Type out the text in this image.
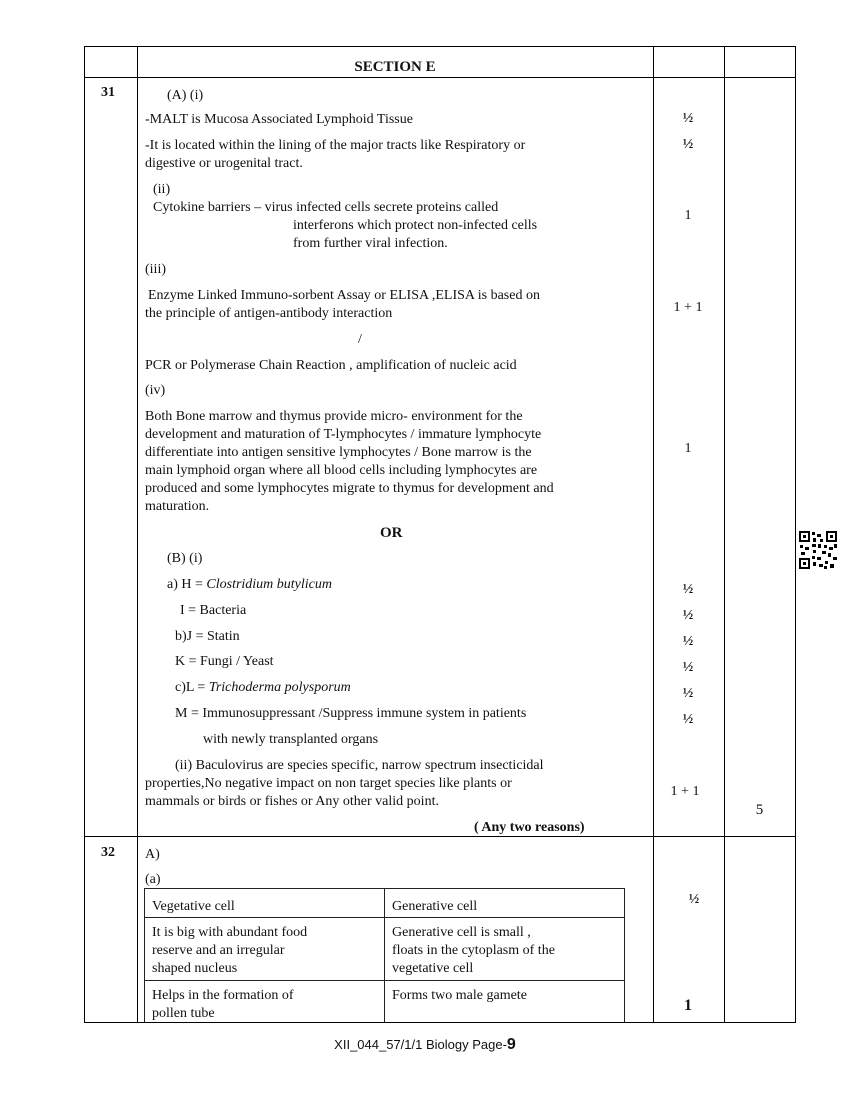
SECTION E
31	(A) (i)
-MALT is Mucosa Associated Lymphoid Tissue
-It is located within the lining of the major tracts like Respiratory or
digestive or urogenital tract.
(ii)
Cytokine barriers – virus infected cells secrete proteins called
interferons which protect non-infected cells
from further viral infection.
(iii)
Enzyme Linked Immuno-sorbent Assay or ELISA ,ELISA is based on
the principle of antigen-antibody interaction
/
PCR or Polymerase Chain Reaction , amplification of nucleic acid
(iv)
Both Bone marrow and thymus provide micro- environment for the
development and maturation of T-lymphocytes / immature lymphocyte
differentiate into antigen sensitive lymphocytes / Bone marrow is the
main lymphoid organ where all blood cells including lymphocytes are
produced and some lymphocytes migrate to thymus for development and
maturation.
OR
(B) (i)
a) H = Clostridium butylicum
I = Bacteria
b)J = Statin
K = Fungi / Yeast
c)L = Trichoderma polysporum
M = Immunosuppressant /Suppress immune system in patients
with newly transplanted organs
(ii) Baculovirus are species specific, narrow spectrum insecticidal
properties,No negative impact on non target species like plants or
mammals or birds or fishes or Any other valid point.
( Any two reasons)
½
½
1
1 + 1
1
½
½
½
½
½
½
1 + 1
5
32 A)
(a)
Vegetative cell	Generative cell
It is big with abundant food
reserve and an irregular
shaped nucleus
Generative cell is small ,
floats in the cytoplasm of the
vegetative cell
Helps in the formation of
pollen tube
Forms two male gamete
½
1
XII_044_57/1/1 Biology Page-9
